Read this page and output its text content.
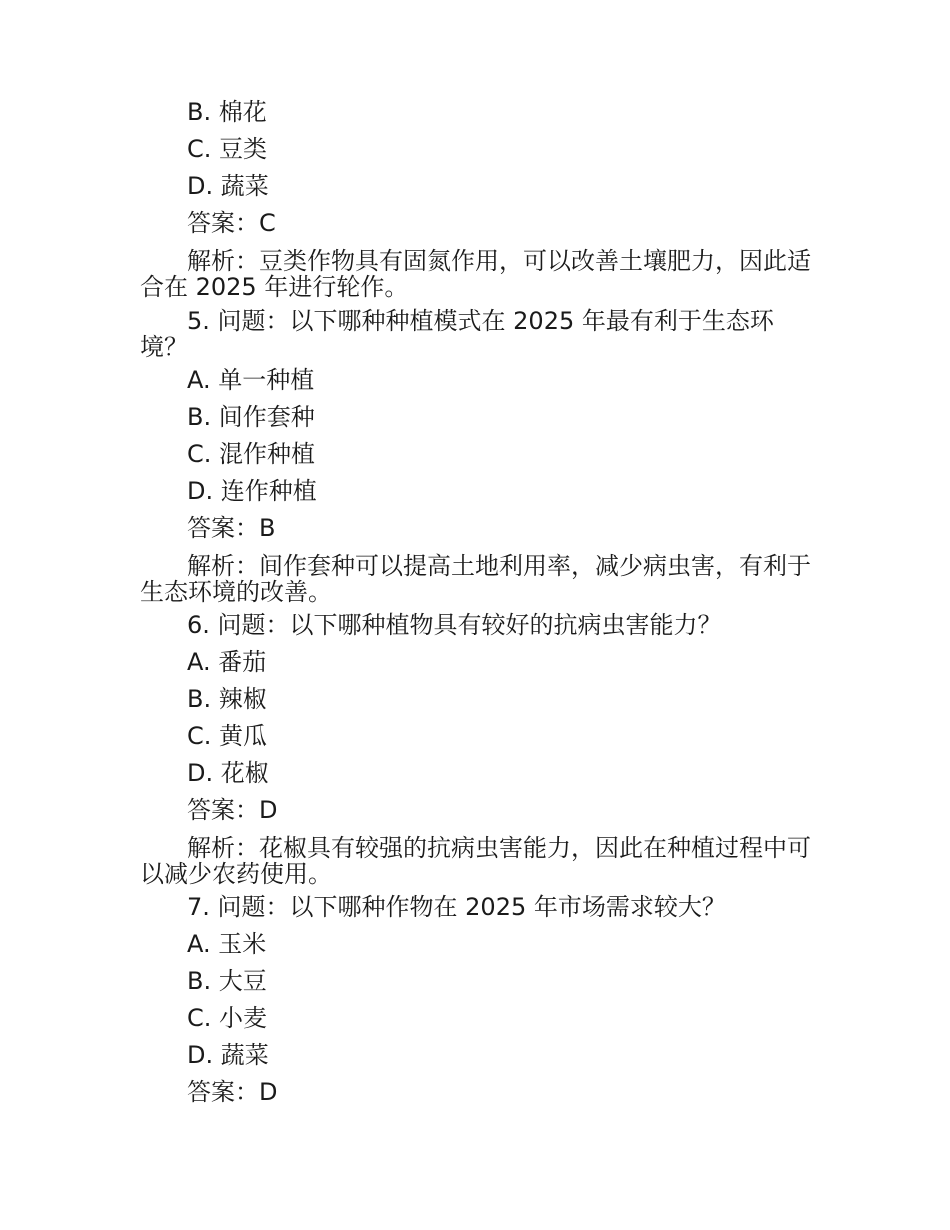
B. 棉花
C. 豆类
D. 蔬菜
答案：C
解析：豆类作物具有固氮作用，可以改善土壤肥力，因此适合在 2025 年进行轮作。
5. 问题：以下哪种种植模式在 2025 年最有利于生态环境？
A. 单一种植
B. 间作套种
C. 混作种植
D. 连作种植
答案：B
解析：间作套种可以提高土地利用率，减少病虫害，有利于生态环境的改善。
6. 问题：以下哪种植物具有较好的抗病虫害能力？
A. 番茄
B. 辣椒
C. 黄瓜
D. 花椒
答案：D
解析：花椒具有较强的抗病虫害能力，因此在种植过程中可以减少农药使用。
7. 问题：以下哪种作物在 2025 年市场需求较大？
A. 玉米
B. 大豆
C. 小麦
D. 蔬菜
答案：D
